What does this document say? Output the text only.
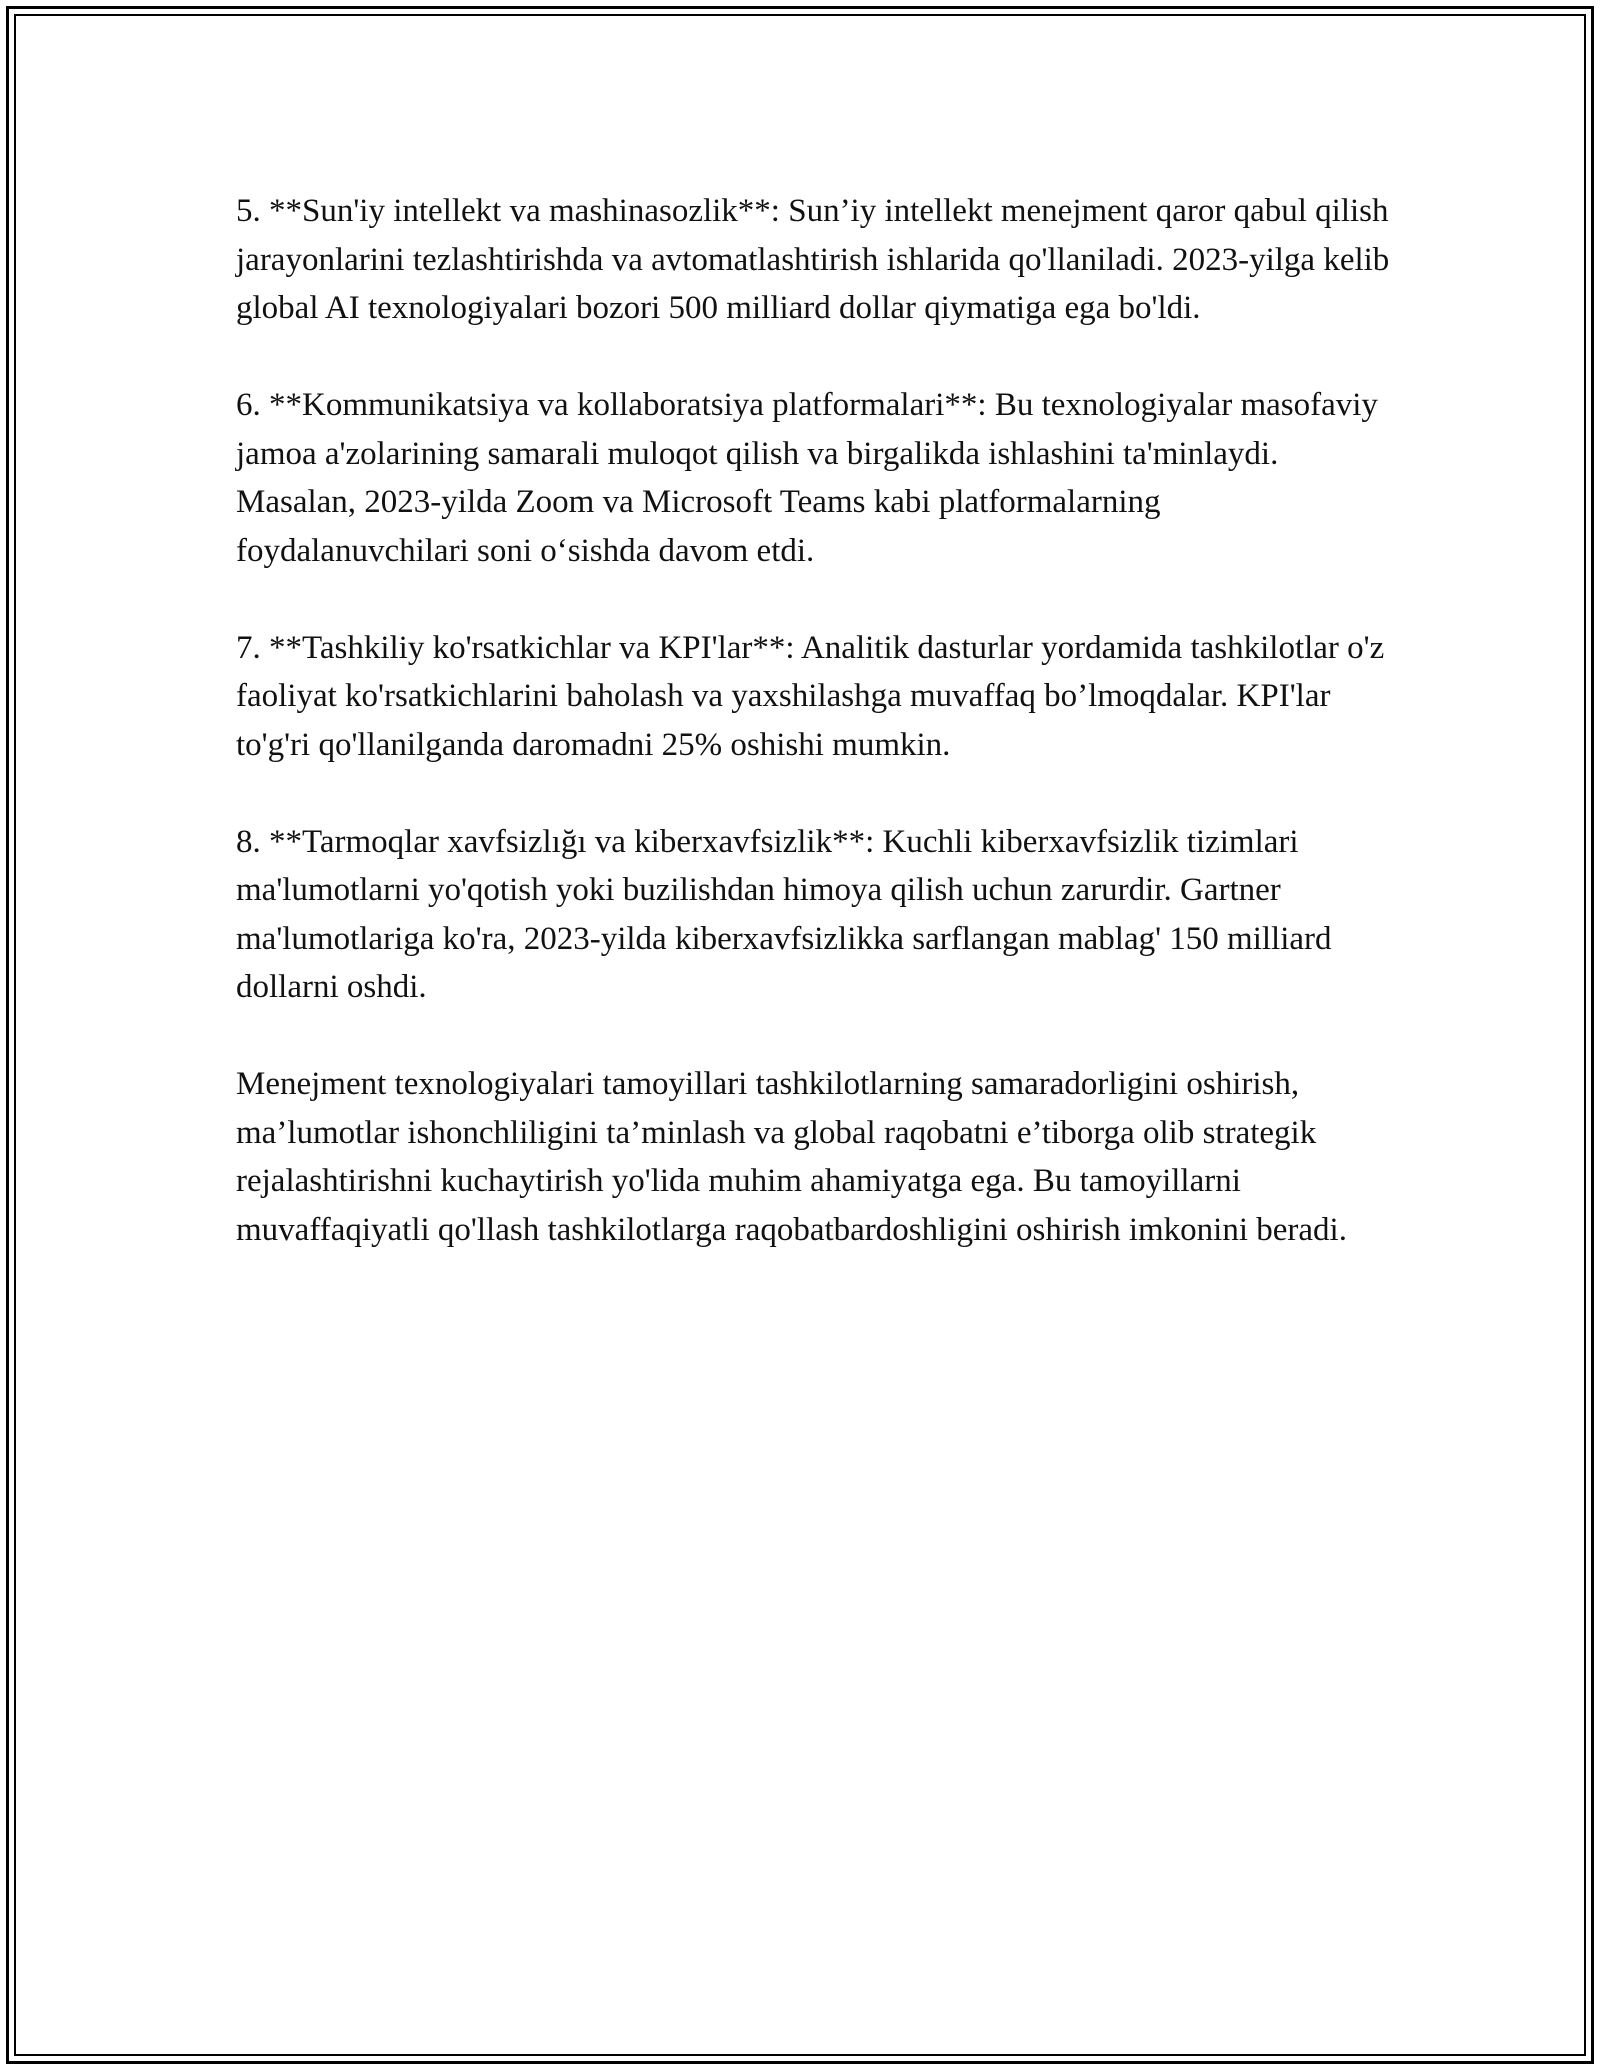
5. **Sun'iy intellekt va mashinasozlik**: Sun’iy intellekt menejment qaror qabul qilish jarayonlarini tezlashtirishda va avtomatlashtirish ishlarida qo'llaniladi. 2023-yilga kelib global AI texnologiyalari bozori 500 milliard dollar qiymatiga ega bo'ldi.

6. **Kommunikatsiya va kollaboratsiya platformalari**: Bu texnologiyalar masofaviy jamoa a'zolarining samarali muloqot qilish va birgalikda ishlashini ta'minlaydi. Masalan, 2023-yilda Zoom va Microsoft Teams kabi platformalarning foydalanuvchilari soni o‘sishda davom etdi.

7. **Tashkiliy ko'rsatkichlar va KPI'lar**: Analitik dasturlar yordamida tashkilotlar o'z faoliyat ko'rsatkichlarini baholash va yaxshilashga muvaffaq bo’lmoqdalar. KPI'lar to'g'ri qo'llanilganda daromadni 25% oshishi mumkin.

8. **Tarmoqlar xavfsizlığı va kiberxavfsizlik**: Kuchli kiberxavfsizlik tizimlari ma'lumotlarni yo'qotish yoki buzilishdan himoya qilish uchun zarurdir. Gartner ma'lumotlariga ko'ra, 2023-yilda kiberxavfsizlikka sarflangan mablag' 150 milliard dollarni oshdi.

Menejment texnologiyalari tamoyillari tashkilotlarning samaradorligini oshirish, ma’lumotlar ishonchliligini ta’minlash va global raqobatni e’tiborga olib strategik rejalashtirishni kuchaytirish yo'lida muhim ahamiyatga ega. Bu tamoyillarni muvaffaqiyatli qo'llash tashkilotlarga raqobatbardoshligini oshirish imkonini beradi.
